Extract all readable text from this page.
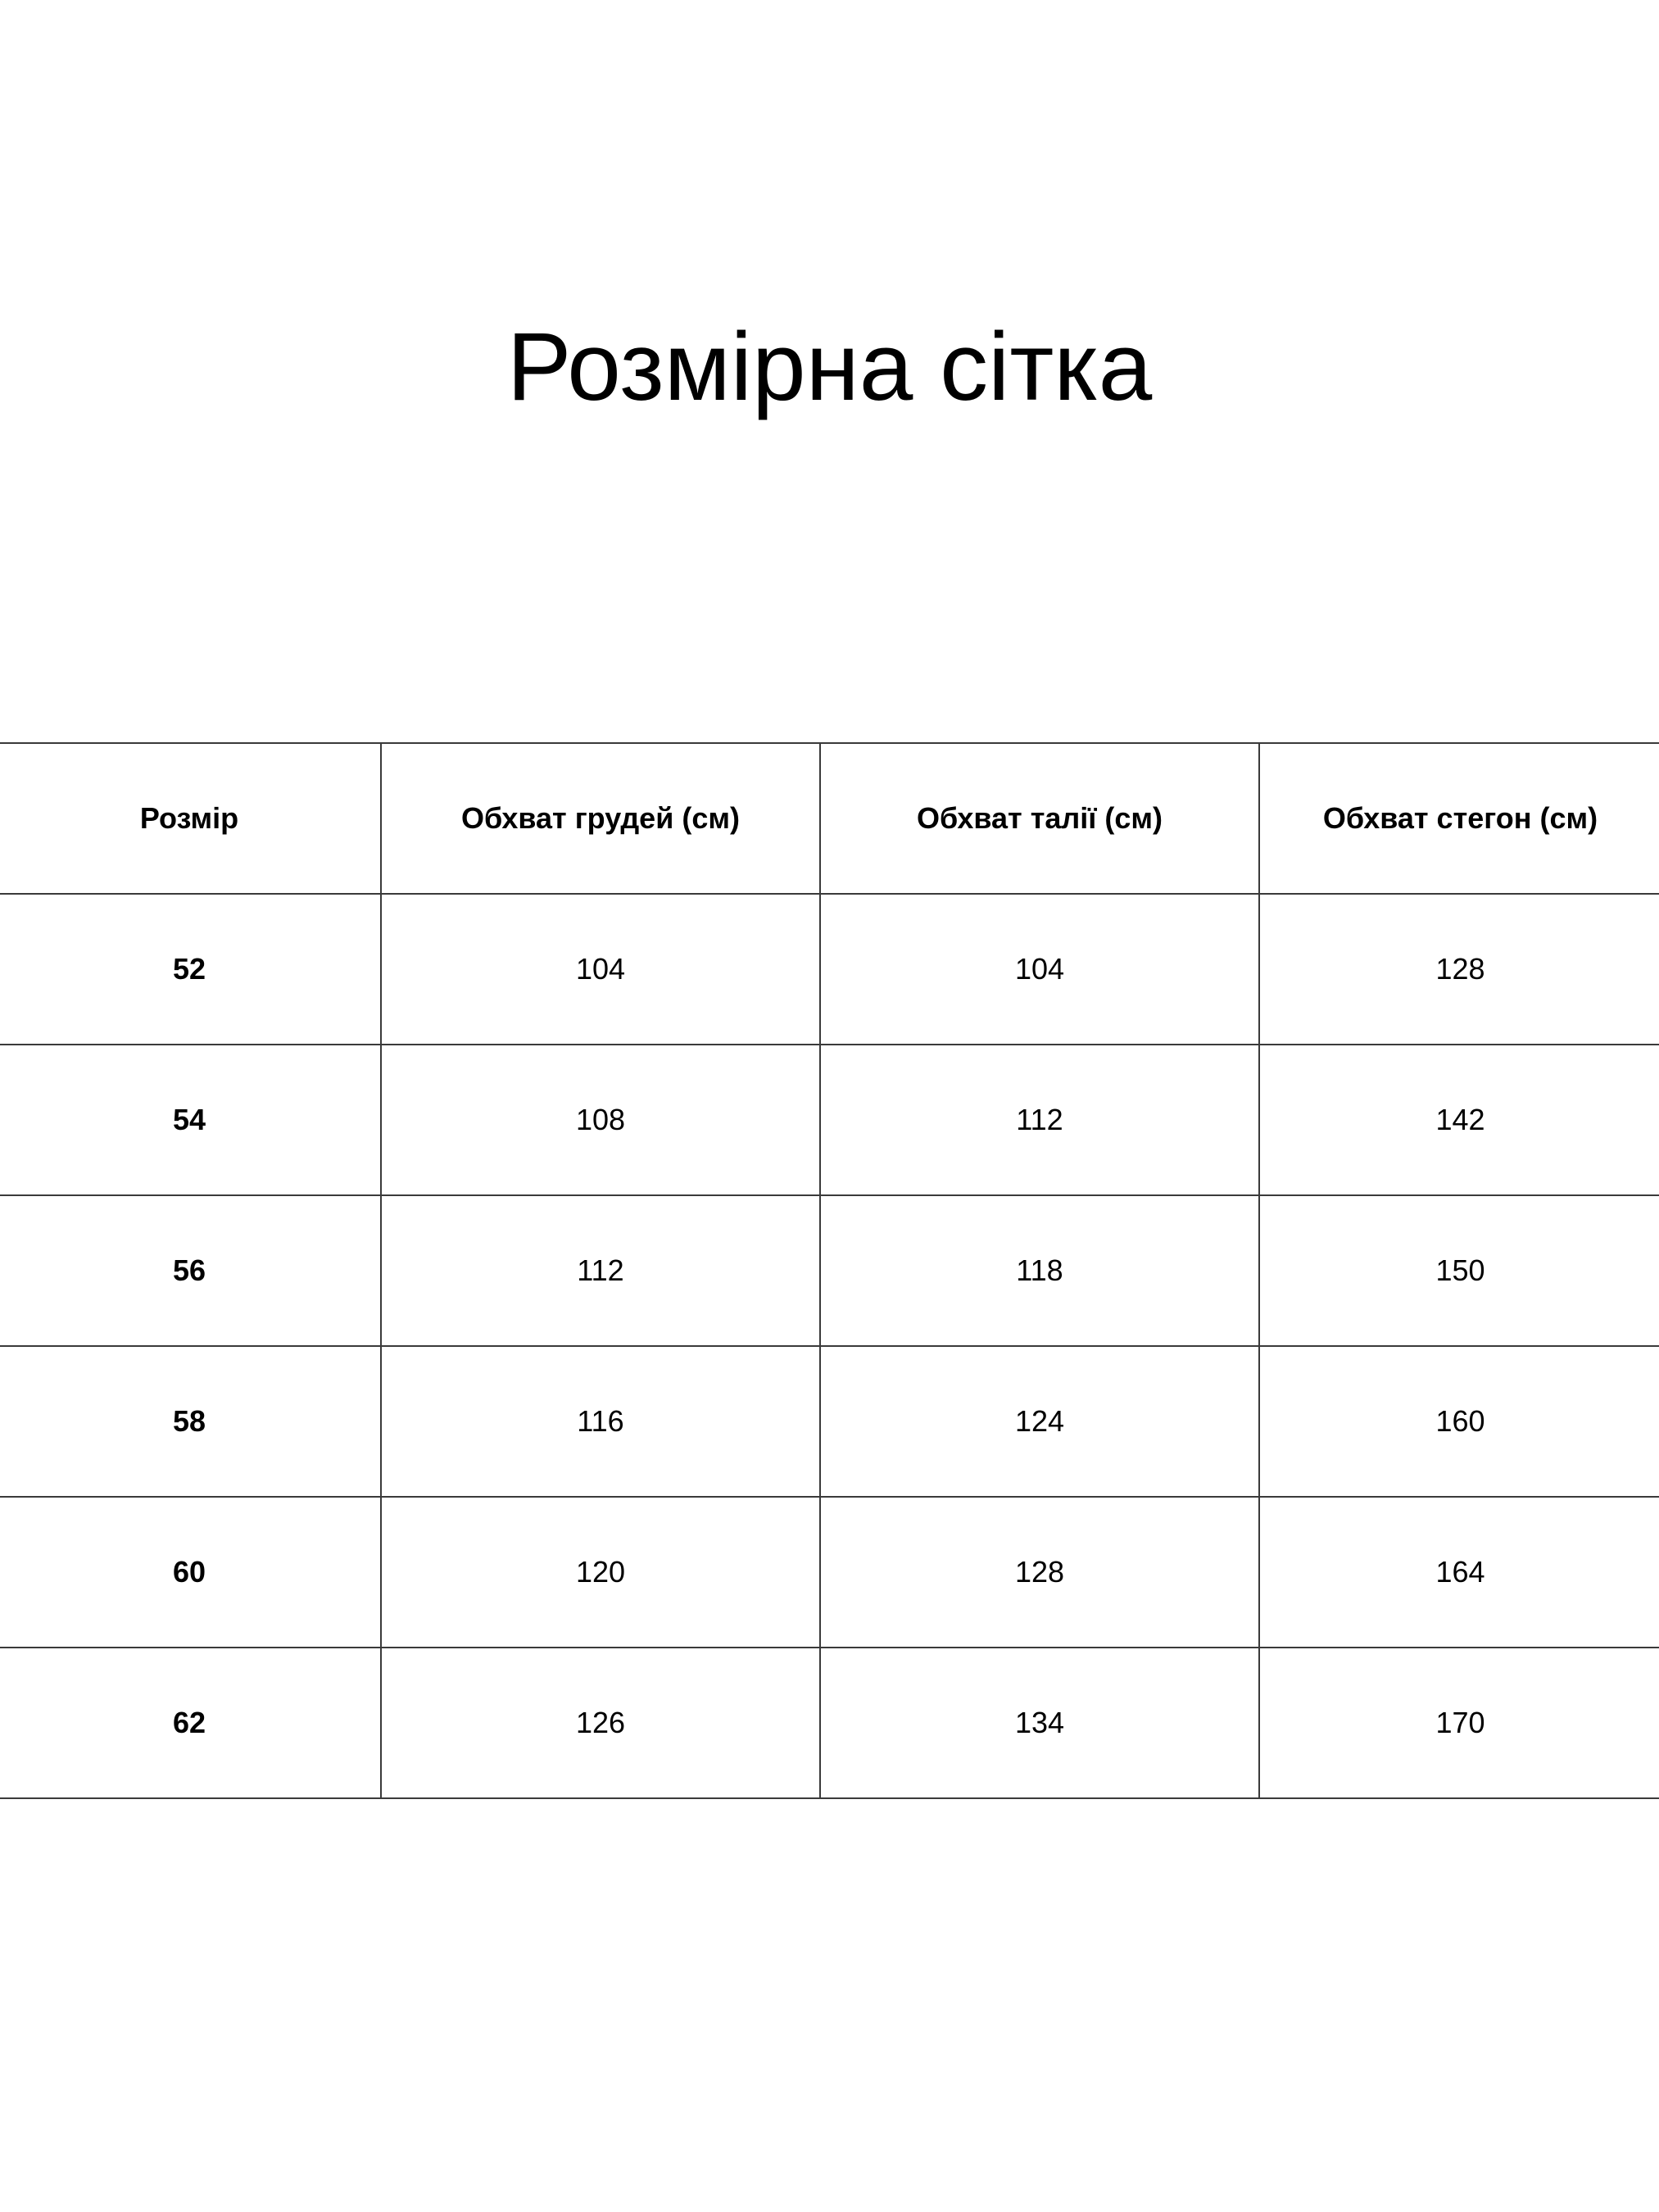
Розмірна сітка
Розмір	Обхват грудей (см)	Обхват талії (см)	Обхват стегон (см)
52	104	104	128
54	108	112	142
56	112	118	150
58	116	124	160
60	120	128	164
62	126	134	170
